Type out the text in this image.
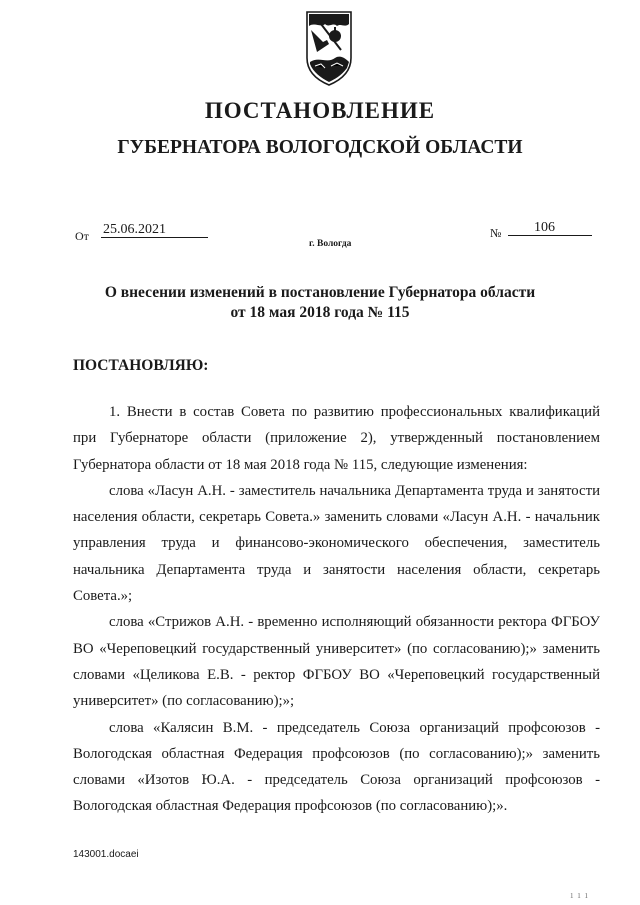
ПОСТАНОВЛЕНИЕ
ГУБЕРНАТОРА ВОЛОГОДСКОЙ ОБЛАСТИ
От 25.06.2021	№	106
г. Вологда
О внесении изменений в постановление Губернатора области
от 18 мая 2018 года № 115
ПОСТАНОВЛЯЮ:

1. Внести в состав Совета по развитию профессиональных квалификаций при Губернаторе области (приложение 2), утвержденный постановлением Губернатора области от 18 мая 2018 года № 115, следующие изменения:

слова «Ласун А.Н. - заместитель начальника Департамента труда и занятости населения области, секретарь Совета.» заменить словами «Ласун А.Н. - начальник управления труда и финансово-экономического обеспечения, заместитель начальника Департамента труда и занятости населения области, секретарь Совета.»;

слова «Стрижов А.Н. - временно исполняющий обязанности ректора ФГБОУ ВО «Череповецкий государственный университет» (по согласованию);» заменить словами «Целикова Е.В. - ректор ФГБОУ ВО «Череповецкий государственный университет» (по согласованию);»;

слова «Калясин В.М. - председатель Союза организаций профсоюзов - Вологодская областная Федерация профсоюзов (по согласованию);» заменить словами «Изотов Ю.А. - председатель Союза организаций профсоюзов - Вологодская областная Федерация профсоюзов (по согласованию);».

143001.docaei
1 1 1
